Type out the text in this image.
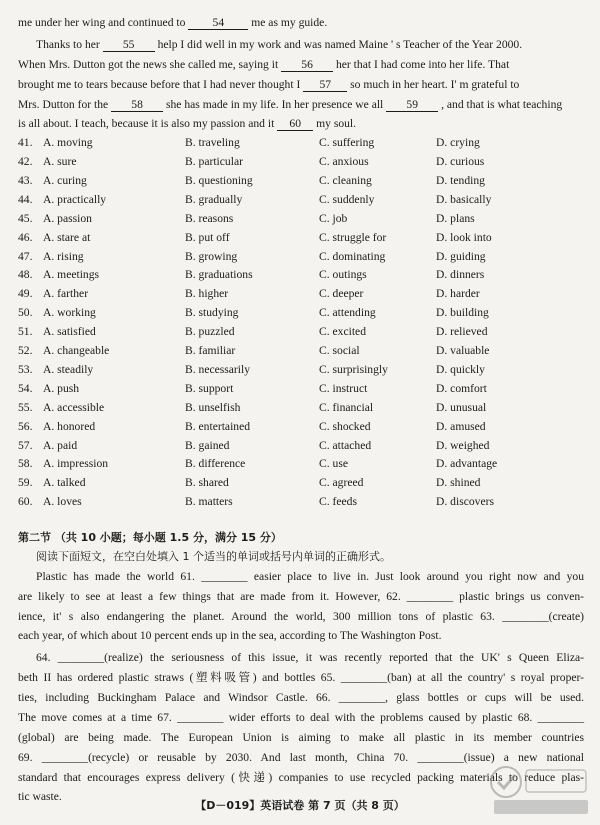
me under her wing and continued to 54 me as my guide.
Thanks to her 55 help I did well in my work and was named Maine ' s Teacher of the Year 2000.
When Mrs. Dutton got the news she called me, saying it 56 her that I had come into her life. That
brought me to tears because before that I had never thought I 57 so much in her heart. I' m grateful to
Mrs. Dutton for the 58 she has made in my life. In her presence we all 59 , and that is what teaching
is all about. I teach, because it is also my passion and it 60 my soul.
41. A. moving	B. traveling	C. suffering	D. crying
42. A. sure	B. particular	C. anxious	D. curious
43. A. curing	B. questioning	C. cleaning	D. tending
44. A. practically	B. gradually	C. suddenly	D. basically
45. A. passion	B. reasons	C. job	D. plans
46. A. stare at	B. put off	C. struggle for	D. look into
47. A. rising	B. growing	C. dominating	D. guiding
48. A. meetings	B. graduations	C. outings	D. dinners
49. A. farther	B. higher	C. deeper	D. harder
50. A. working	B. studying	C. attending	D. building
51. A. satisfied	B. puzzled	C. excited	D. relieved
52. A. changeable	B. familiar	C. social	D. valuable
53. A. steadily	B. necessarily	C. surprisingly	D. quickly
54. A. push	B. support	C. instruct	D. comfort
55. A. accessible	B. unselfish	C. financial	D. unusual
56. A. honored	B. entertained	C. shocked	D. amused
57. A. paid	B. gained	C. attached	D. weighed
58. A. impression	B. difference	C. use	D. advantage
59. A. talked	B. shared	C. agreed	D. shined
60. A. loves	B. matters	C. feeds	D. discovers
第二节 （共 10 小题；每小题 1.5 分，满分 15 分）
阅读下面短文，在空白处填入 1 个适当的单词或括号内单词的正确形式。
Plastic has made the world 61. ________ easier place to live in. Just look around you right now and you
are likely to see at least a few things that are made from it. However, 62. ________ plastic brings us conven-
ience, it' s also endangering the planet. Around the world, 300 million tons of plastic 63. ________(create)
each year, of which about 10 percent ends up in the sea, according to The Washington Post.
64. ________(realize) the seriousness of this issue, it was recently reported that the UK' s Queen Eliza-
beth II has ordered plastic straws (塑料吸管) and bottles 65. ________(ban) at all the country' s royal proper-
ties, including Buckingham Palace and Windsor Castle. 66. ________, glass bottles or cups will be used.
The move comes at a time 67. ________ wider efforts to deal with the problems caused by plastic 68. ________
(global) are being made. The European Union is aiming to make all plastic in its member countries
69. ________(recycle) or reusable by 2030. And last month, China 70. ________(issue) a new national
standard that encourages express delivery (快递) companies to use recycled packing materials to reduce plas-
tic waste.
【D－019】英语试卷 第 7 页（共 8 页）
